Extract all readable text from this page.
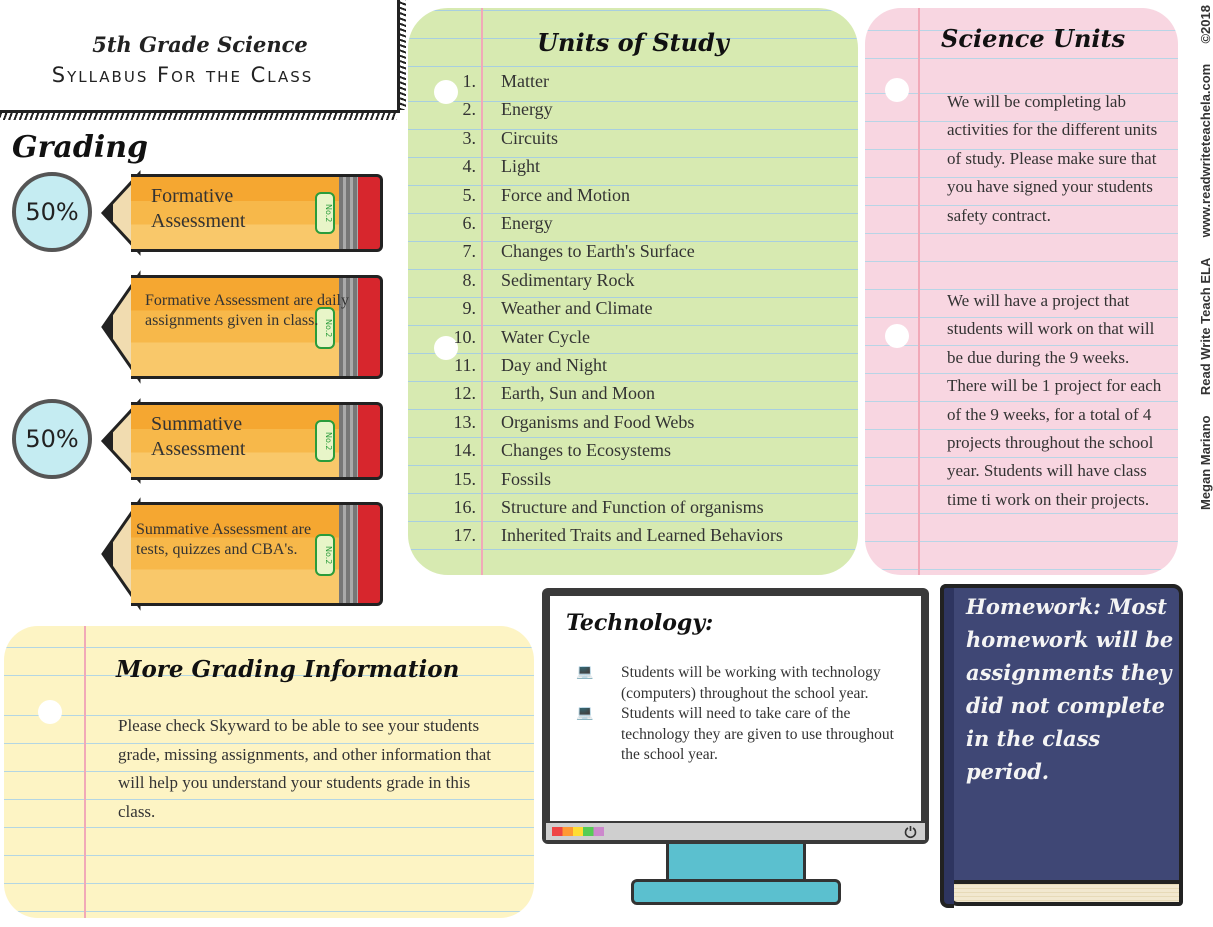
5th Grade Science
Syllabus For the Class
Grading
50%
50%
No.2
Formative Assessment
No.2
Formative Assessment are daily assignments given in class.
No.2
Summative Assessment
No.2
Summative Assessment are tests, quizzes and CBA's.
Units of Study
1. Matter
2. Energy
3. Circuits
4. Light
5. Force and Motion
6. Energy
7. Changes to Earth's Surface
8. Sedimentary Rock
9. Weather and Climate
10. Water Cycle
11. Day and Night
12. Earth, Sun and Moon
13. Organisms and Food Webs
14. Changes to Ecosystems
15. Fossils
16. Structure and Function of organisms
17. Inherited Traits and Learned Behaviors
Science Units
We will be completing lab activities for the different units of study. Please make sure that you have signed your students safety contract.
We will have a project that students will work on that will be due during the 9 weeks. There will be 1 project for each of the 9 weeks, for a total of 4 projects throughout the school year. Students will have class time ti work on their projects.	Megan Mariano
Read Write Teach ELA
www.readwriteteachela.com
©2018
More Grading Information
Please check Skyward to be able to see your students grade, missing assignments, and other information that will help you understand your students grade in this class.
Technology:
💻 Students will be working with technology (computers) throughout the school year.
💻 Students will need to take care of the technology they are given to use throughout the school year.
Homework: Most homework will be assignments they did not complete in the class period.
